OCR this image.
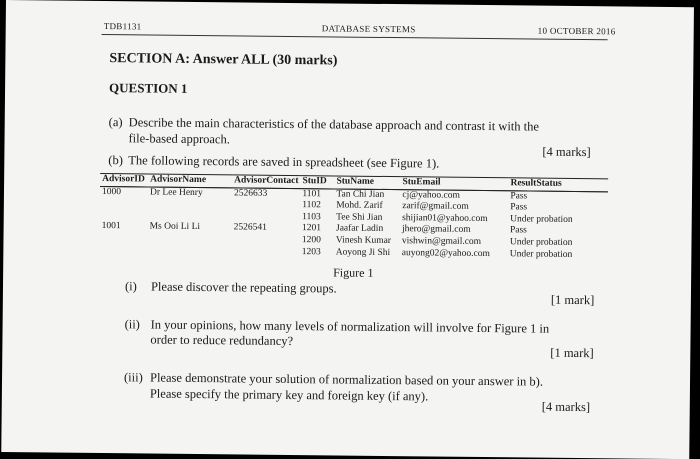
TDB1131	DATABASE SYSTEMS	10 OCTOBER 2016
SECTION A: Answer ALL (30 marks)
QUESTION 1
(a) Describe the main characteristics of the database approach and contrast it with the
file-based approach.
[4 marks]
(b) The following records are saved in spreadsheet (see Figure 1).
AdvisorID	AdvisorName	AdvisorContact	StuID	StuName	StuEmail	ResultStatus
1000	Dr Lee Henry	2526633	1101	Tan Chi Jian	cj@yahoo.com	Pass
			1102	Mohd. Zarif	zarif@gmail.com	Pass
			1103	Tee Shi Jian	shijian01@yahoo.com	Under probation
1001	Ms Ooi Li Li	2526541	1201	Jaafar Ladin	jhero@gmail.com	Pass
			1200	Vinesh Kumar	vishwin@gmail.com	Under probation
			1203	Aoyong Ji Shi	auyong02@yahoo.com	Under probation
Figure 1
(i) Please discover the repeating groups.
[1 mark]
(ii) In your opinions, how many levels of normalization will involve for Figure 1 in
order to reduce redundancy?
[1 mark]
(iii) Please demonstrate your solution of normalization based on your answer in b).
Please specify the primary key and foreign key (if any).
[4 marks]
